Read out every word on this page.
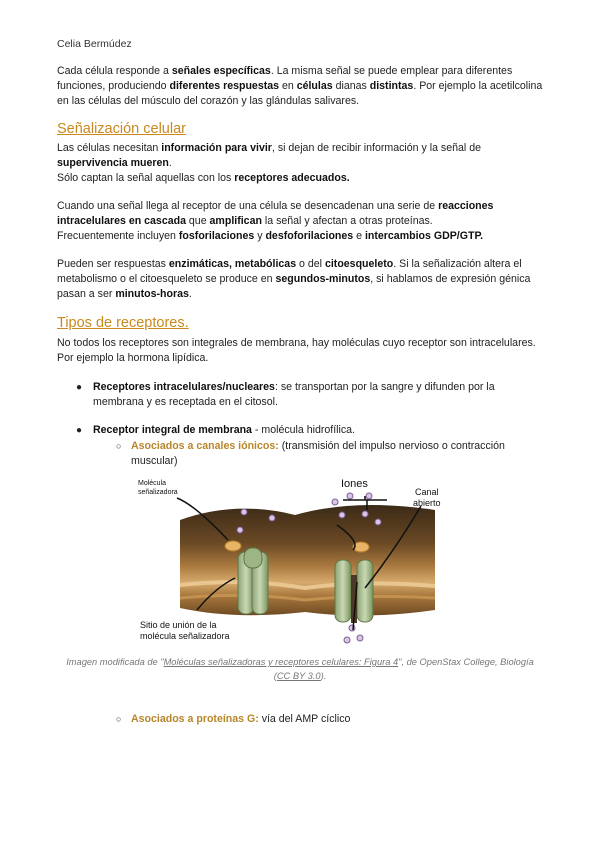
Celia Bermúdez
Cada célula responde a señales específicas. La misma señal se puede emplear para diferentes funciones, produciendo diferentes respuestas en células dianas distintas. Por ejemplo la acetilcolina en las células del músculo del corazón y las glándulas salivares.
Señalización celular
Las células necesitan información para vivir, si dejan de recibir información y la señal de supervivencia mueren.
Sólo captan la señal aquellas con los receptores adecuados.
Cuando una señal llega al receptor de una célula se desencadenan una serie de reacciones intracelulares en cascada que amplifican la señal y afectan a otras proteínas.
Frecuentemente incluyen fosforilaciones y desfoforilaciones e intercambios GDP/GTP.
Pueden ser respuestas enzimáticas, metabólicas o del citoesqueleto. Si la señalización altera el metabolismo o el citoesqueleto se produce en segundos-minutos, si hablamos de expresión génica pasan a ser minutos-horas.
Tipos de receptores.
No todos los receptores son integrales de membrana, hay moléculas cuyo receptor son intracelulares. Por ejemplo la hormona lipídica.
● Receptores intracelulares/nucleares: se transportan por la sangre y difunden por la membrana y es receptada en el citosol.
● Receptor integral de membrana - molécula hidrofílica.
○ Asociados a canales iónicos: (transmisión del impulso nervioso o contracción muscular)
Molécula
señalizadora
Iones
Canal
abierto
Sitio de unión de la
molécula señalizadora
Imagen modificada de "Moléculas señalizadoras y receptores celulares: Figura 4", de OpenStax College, Biología (CC BY 3.0).
○ Asociados a proteínas G: vía del AMP cíclico
